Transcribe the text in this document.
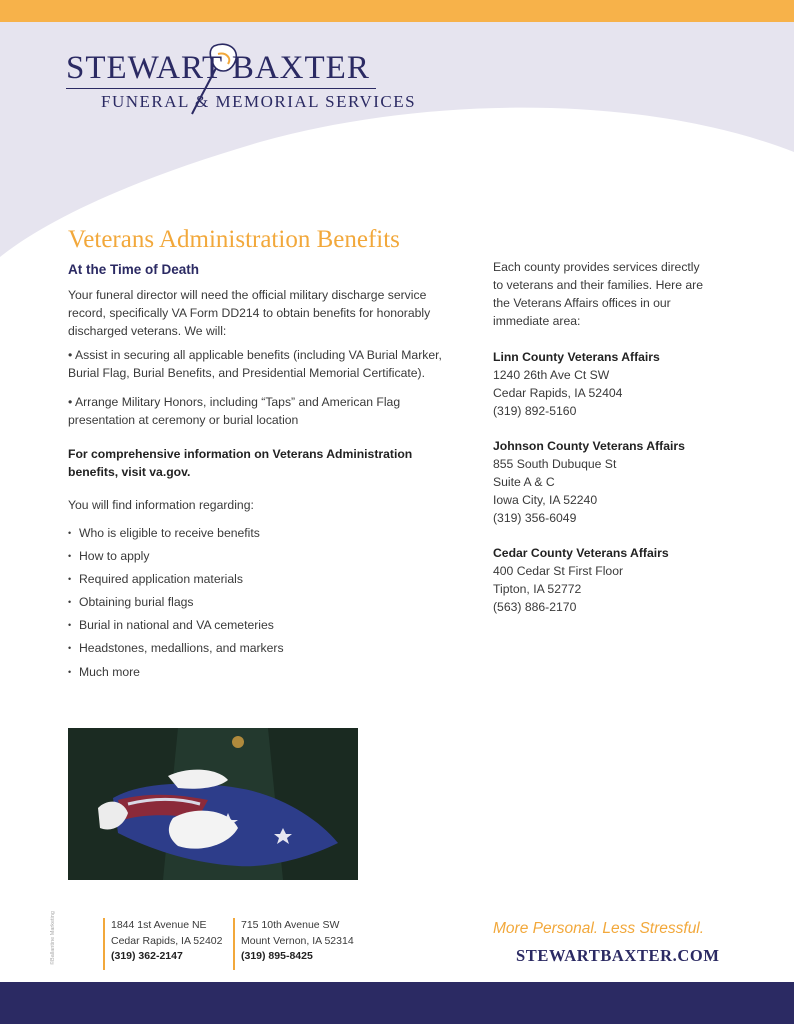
STEWART BAXTER
FUNERAL & MEMORIAL SERVICES
Veterans Administration Benefits
At the Time of Death
Your funeral director will need the official military discharge service record, specifically VA Form DD214 to obtain benefits for honorably discharged veterans. We will:
• Assist in securing all applicable benefits (including VA Burial Marker, Burial Flag, Burial Benefits, and Presidential Memorial Certificate).
• Arrange Military Honors, including “Taps” and American Flag presentation at ceremony or burial location
For comprehensive information on Veterans Administration benefits, visit va.gov.
You will find information regarding:
• Who is eligible to receive benefits
• How to apply
• Required application materials
• Obtaining burial flags
• Burial in national and VA cemeteries
• Headstones, medallions, and markers
• Much more

Each county provides services directly to veterans and their families. Here are the Veterans Affairs offices in our immediate area:

Linn County Veterans Affairs
1240 26th Ave Ct SW
Cedar Rapids, IA 52404
(319) 892-5160
Johnson County Veterans Affairs
855 South Dubuque St
Suite A & C
Iowa City, IA 52240
(319) 356-6049
Cedar County Veterans Affairs
400 Cedar St First Floor
Tipton, IA 52772
(563) 886-2170
©Ballantine Marketing	1844 1st Avenue NE
Cedar Rapids, IA 52402
(319) 362-2147
715 10th Avenue SW
Mount Vernon, IA 52314
(319) 895-8425
More Personal. Less Stressful.
STEWARTBAXTER.COM
